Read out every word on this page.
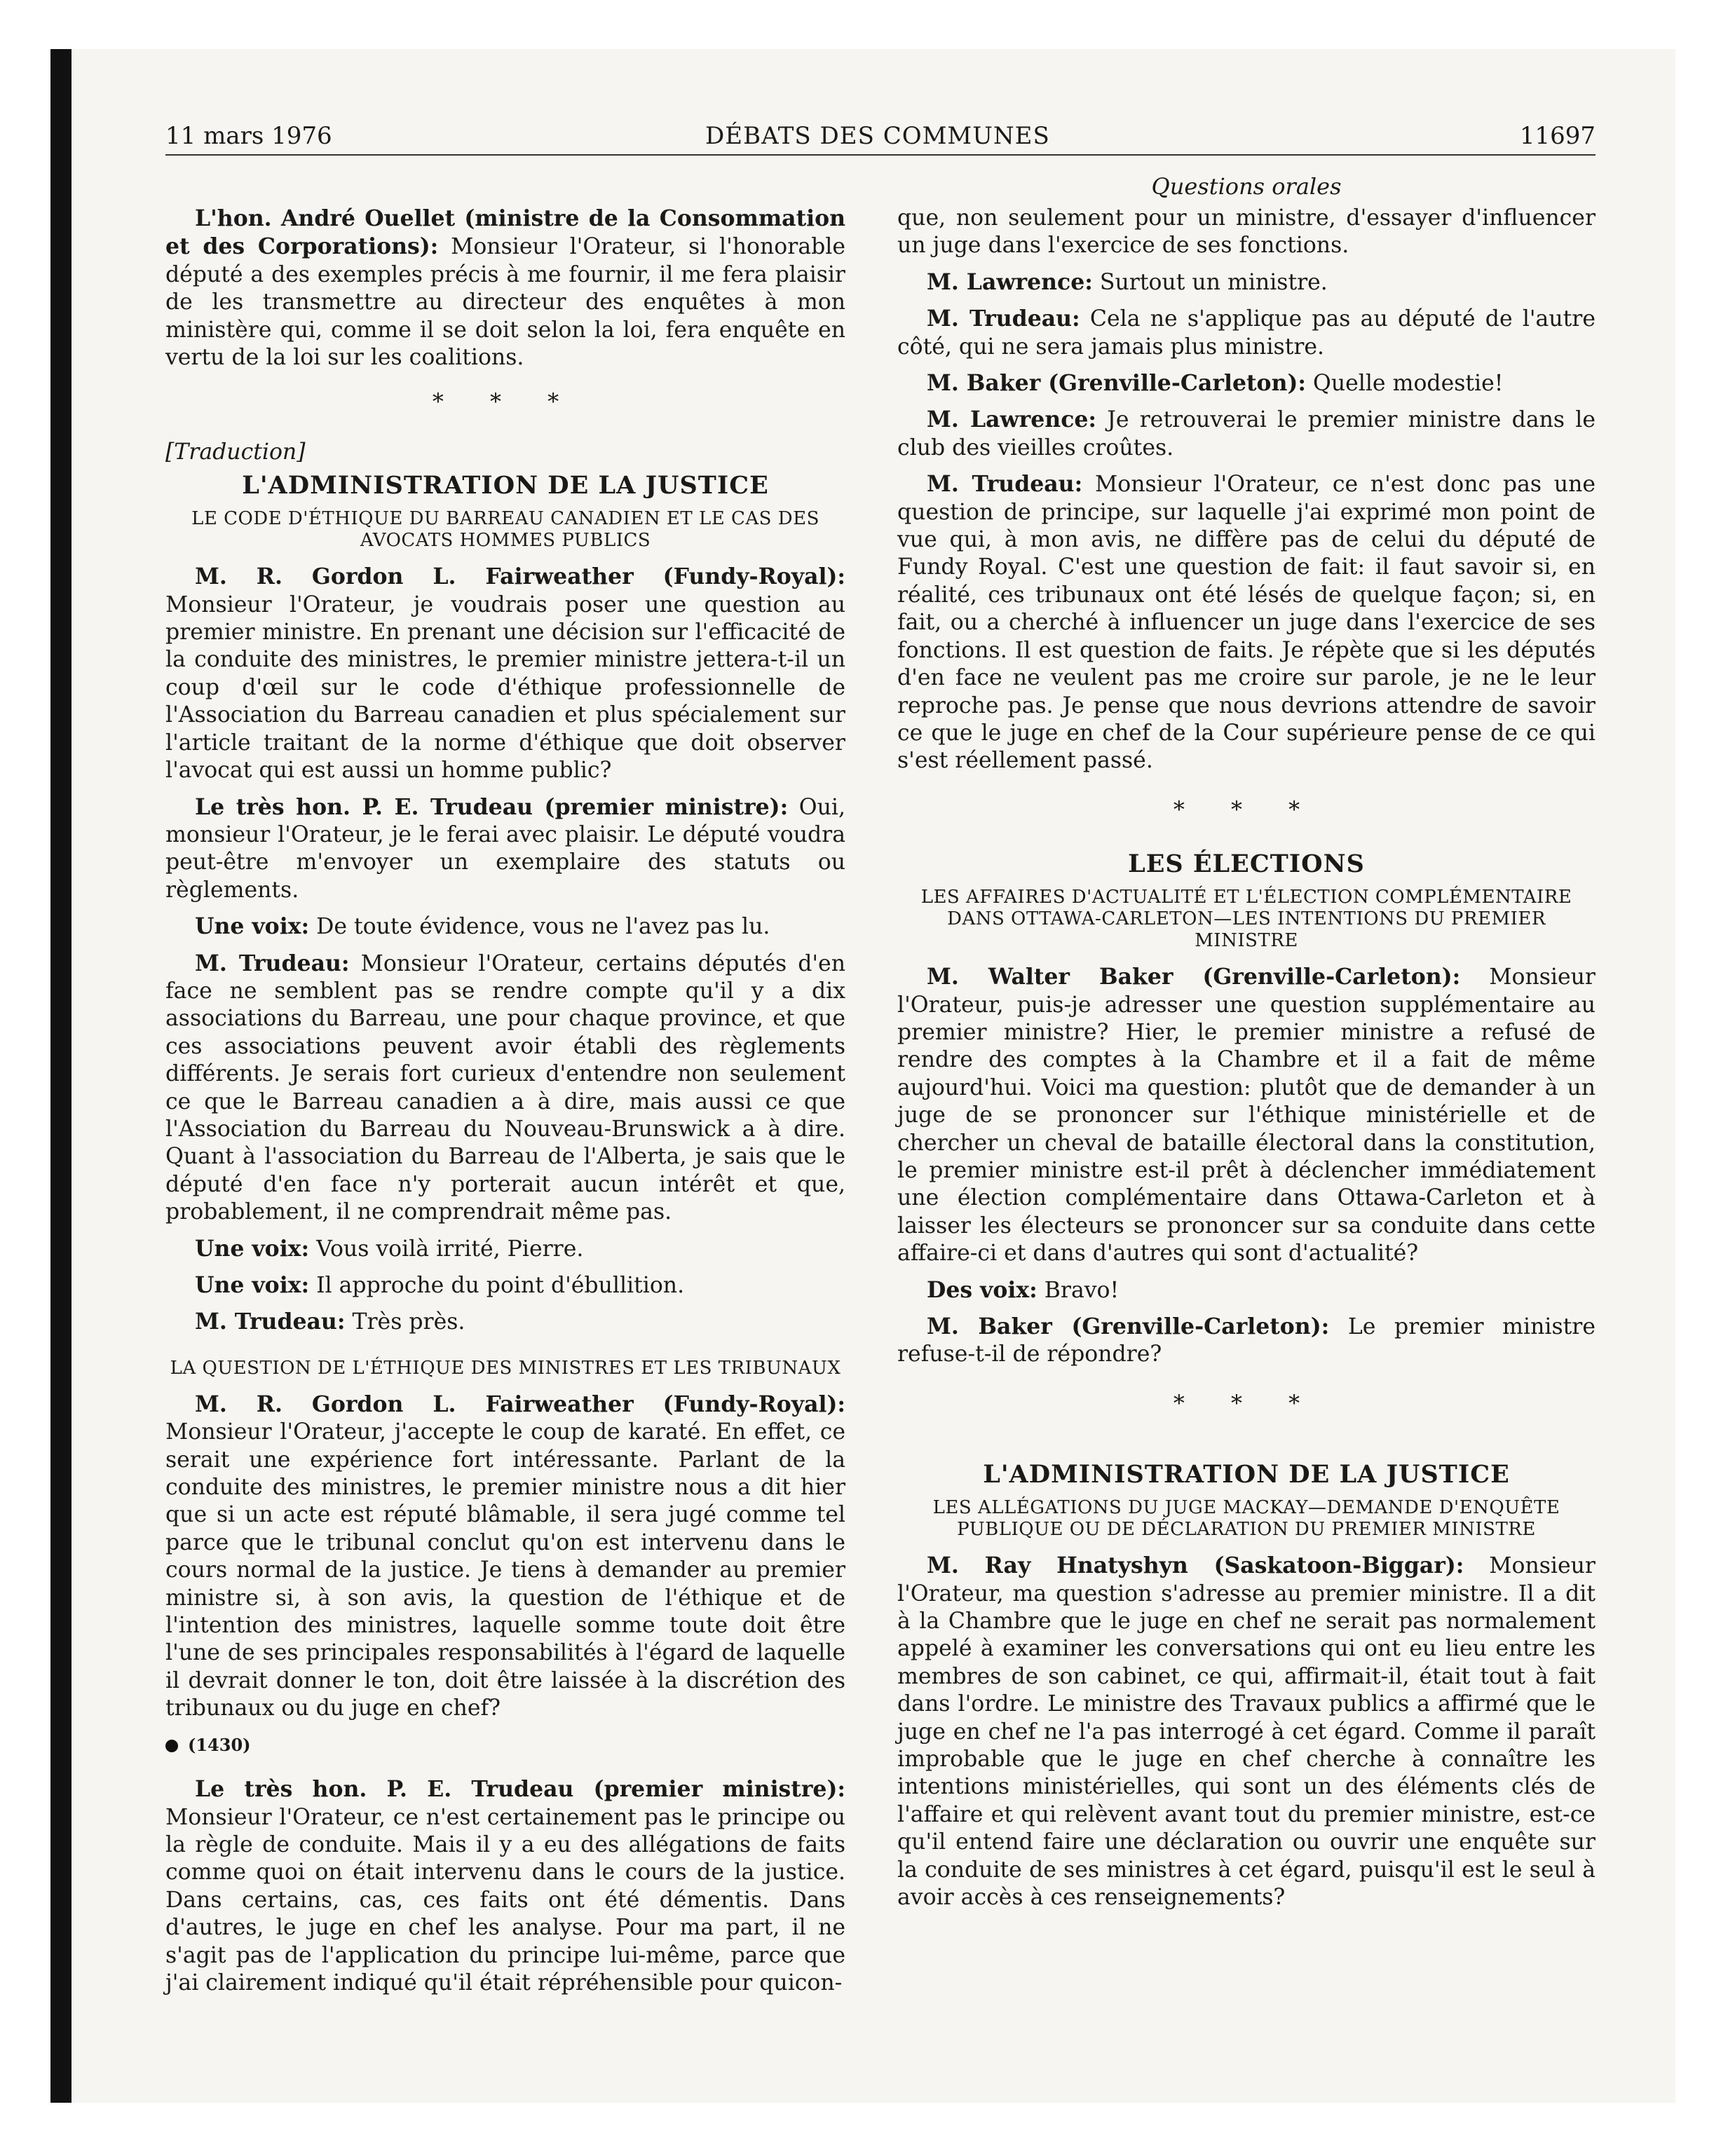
11 mars 1976	DÉBATS DES COMMUNES	11697
Questions orales

L'hon. André Ouellet (ministre de la Consommation et des Corporations): Monsieur l'Orateur, si l'honorable député a des exemples précis à me fournir, il me fera plaisir de les transmettre au directeur des enquêtes à mon ministère qui, comme il se doit selon la loi, fera enquête en vertu de la loi sur les coalitions.

* * *
[Traduction]
L'ADMINISTRATION DE LA JUSTICE
LE CODE D'ÉTHIQUE DU BARREAU CANADIEN ET LE CAS DES AVOCATS HOMMES PUBLICS

M. R. Gordon L. Fairweather (Fundy-Royal): Monsieur l'Orateur, je voudrais poser une question au premier ministre. En prenant une décision sur l'efficacité de la conduite des ministres, le premier ministre jettera-t-il un coup d'œil sur le code d'éthique professionnelle de l'Association du Barreau canadien et plus spécialement sur l'article traitant de la norme d'éthique que doit observer l'avocat qui est aussi un homme public?

Le très hon. P. E. Trudeau (premier ministre): Oui, monsieur l'Orateur, je le ferai avec plaisir. Le député voudra peut-être m'envoyer un exemplaire des statuts ou règlements.

Une voix: De toute évidence, vous ne l'avez pas lu.

M. Trudeau: Monsieur l'Orateur, certains députés d'en face ne semblent pas se rendre compte qu'il y a dix associations du Barreau, une pour chaque province, et que ces associations peuvent avoir établi des règlements différents. Je serais fort curieux d'entendre non seulement ce que le Barreau canadien a à dire, mais aussi ce que l'Association du Barreau du Nouveau-Brunswick a à dire. Quant à l'association du Barreau de l'Alberta, je sais que le député d'en face n'y porterait aucun intérêt et que, probablement, il ne comprendrait même pas.

Une voix: Vous voilà irrité, Pierre.

Une voix: Il approche du point d'ébullition.

M. Trudeau: Très près.

LA QUESTION DE L'ÉTHIQUE DES MINISTRES ET LES TRIBUNAUX

M. R. Gordon L. Fairweather (Fundy-Royal): Monsieur l'Orateur, j'accepte le coup de karaté. En effet, ce serait une expérience fort intéressante. Parlant de la conduite des ministres, le premier ministre nous a dit hier que si un acte est réputé blâmable, il sera jugé comme tel parce que le tribunal conclut qu'on est intervenu dans le cours normal de la justice. Je tiens à demander au premier ministre si, à son avis, la question de l'éthique et de l'intention des ministres, laquelle somme toute doit être l'une de ses principales responsabilités à l'égard de laquelle il devrait donner le ton, doit être laissée à la discrétion des tribunaux ou du juge en chef?

(1430)

Le très hon. P. E. Trudeau (premier ministre): Monsieur l'Orateur, ce n'est certainement pas le principe ou la règle de conduite. Mais il y a eu des allégations de faits comme quoi on était intervenu dans le cours de la justice. Dans certains, cas, ces faits ont été démentis. Dans d'autres, le juge en chef les analyse. Pour ma part, il ne s'agit pas de l'application du principe lui-même, parce que j'ai clairement indiqué qu'il était répréhensible pour quicon-

que, non seulement pour un ministre, d'essayer d'influencer un juge dans l'exercice de ses fonctions.

M. Lawrence: Surtout un ministre.

M. Trudeau: Cela ne s'applique pas au député de l'autre côté, qui ne sera jamais plus ministre.

M. Baker (Grenville-Carleton): Quelle modestie!

M. Lawrence: Je retrouverai le premier ministre dans le club des vieilles croûtes.

M. Trudeau: Monsieur l'Orateur, ce n'est donc pas une question de principe, sur laquelle j'ai exprimé mon point de vue qui, à mon avis, ne diffère pas de celui du député de Fundy Royal. C'est une question de fait: il faut savoir si, en réalité, ces tribunaux ont été lésés de quelque façon; si, en fait, ou a cherché à influencer un juge dans l'exercice de ses fonctions. Il est question de faits. Je répète que si les députés d'en face ne veulent pas me croire sur parole, je ne le leur reproche pas. Je pense que nous devrions attendre de savoir ce que le juge en chef de la Cour supérieure pense de ce qui s'est réellement passé.

* * *
LES ÉLECTIONS
LES AFFAIRES D'ACTUALITÉ ET L'ÉLECTION COMPLÉMENTAIRE DANS OTTAWA-CARLETON—LES INTENTIONS DU PREMIER MINISTRE

M. Walter Baker (Grenville-Carleton): Monsieur l'Orateur, puis-je adresser une question supplémentaire au premier ministre? Hier, le premier ministre a refusé de rendre des comptes à la Chambre et il a fait de même aujourd'hui. Voici ma question: plutôt que de demander à un juge de se prononcer sur l'éthique ministérielle et de chercher un cheval de bataille électoral dans la constitution, le premier ministre est-il prêt à déclencher immédiatement une élection complémentaire dans Ottawa-Carleton et à laisser les électeurs se prononcer sur sa conduite dans cette affaire-ci et dans d'autres qui sont d'actualité?

Des voix: Bravo!

M. Baker (Grenville-Carleton): Le premier ministre refuse-t-il de répondre?

* * *
L'ADMINISTRATION DE LA JUSTICE
LES ALLÉGATIONS DU JUGE MACKAY—DEMANDE D'ENQUÊTE PUBLIQUE OU DE DÉCLARATION DU PREMIER MINISTRE

M. Ray Hnatyshyn (Saskatoon-Biggar): Monsieur l'Orateur, ma question s'adresse au premier ministre. Il a dit à la Chambre que le juge en chef ne serait pas normalement appelé à examiner les conversations qui ont eu lieu entre les membres de son cabinet, ce qui, affirmait-il, était tout à fait dans l'ordre. Le ministre des Travaux publics a affirmé que le juge en chef ne l'a pas interrogé à cet égard. Comme il paraît improbable que le juge en chef cherche à connaître les intentions ministérielles, qui sont un des éléments clés de l'affaire et qui relèvent avant tout du premier ministre, est-ce qu'il entend faire une déclaration ou ouvrir une enquête sur la conduite de ses ministres à cet égard, puisqu'il est le seul à avoir accès à ces renseignements?
